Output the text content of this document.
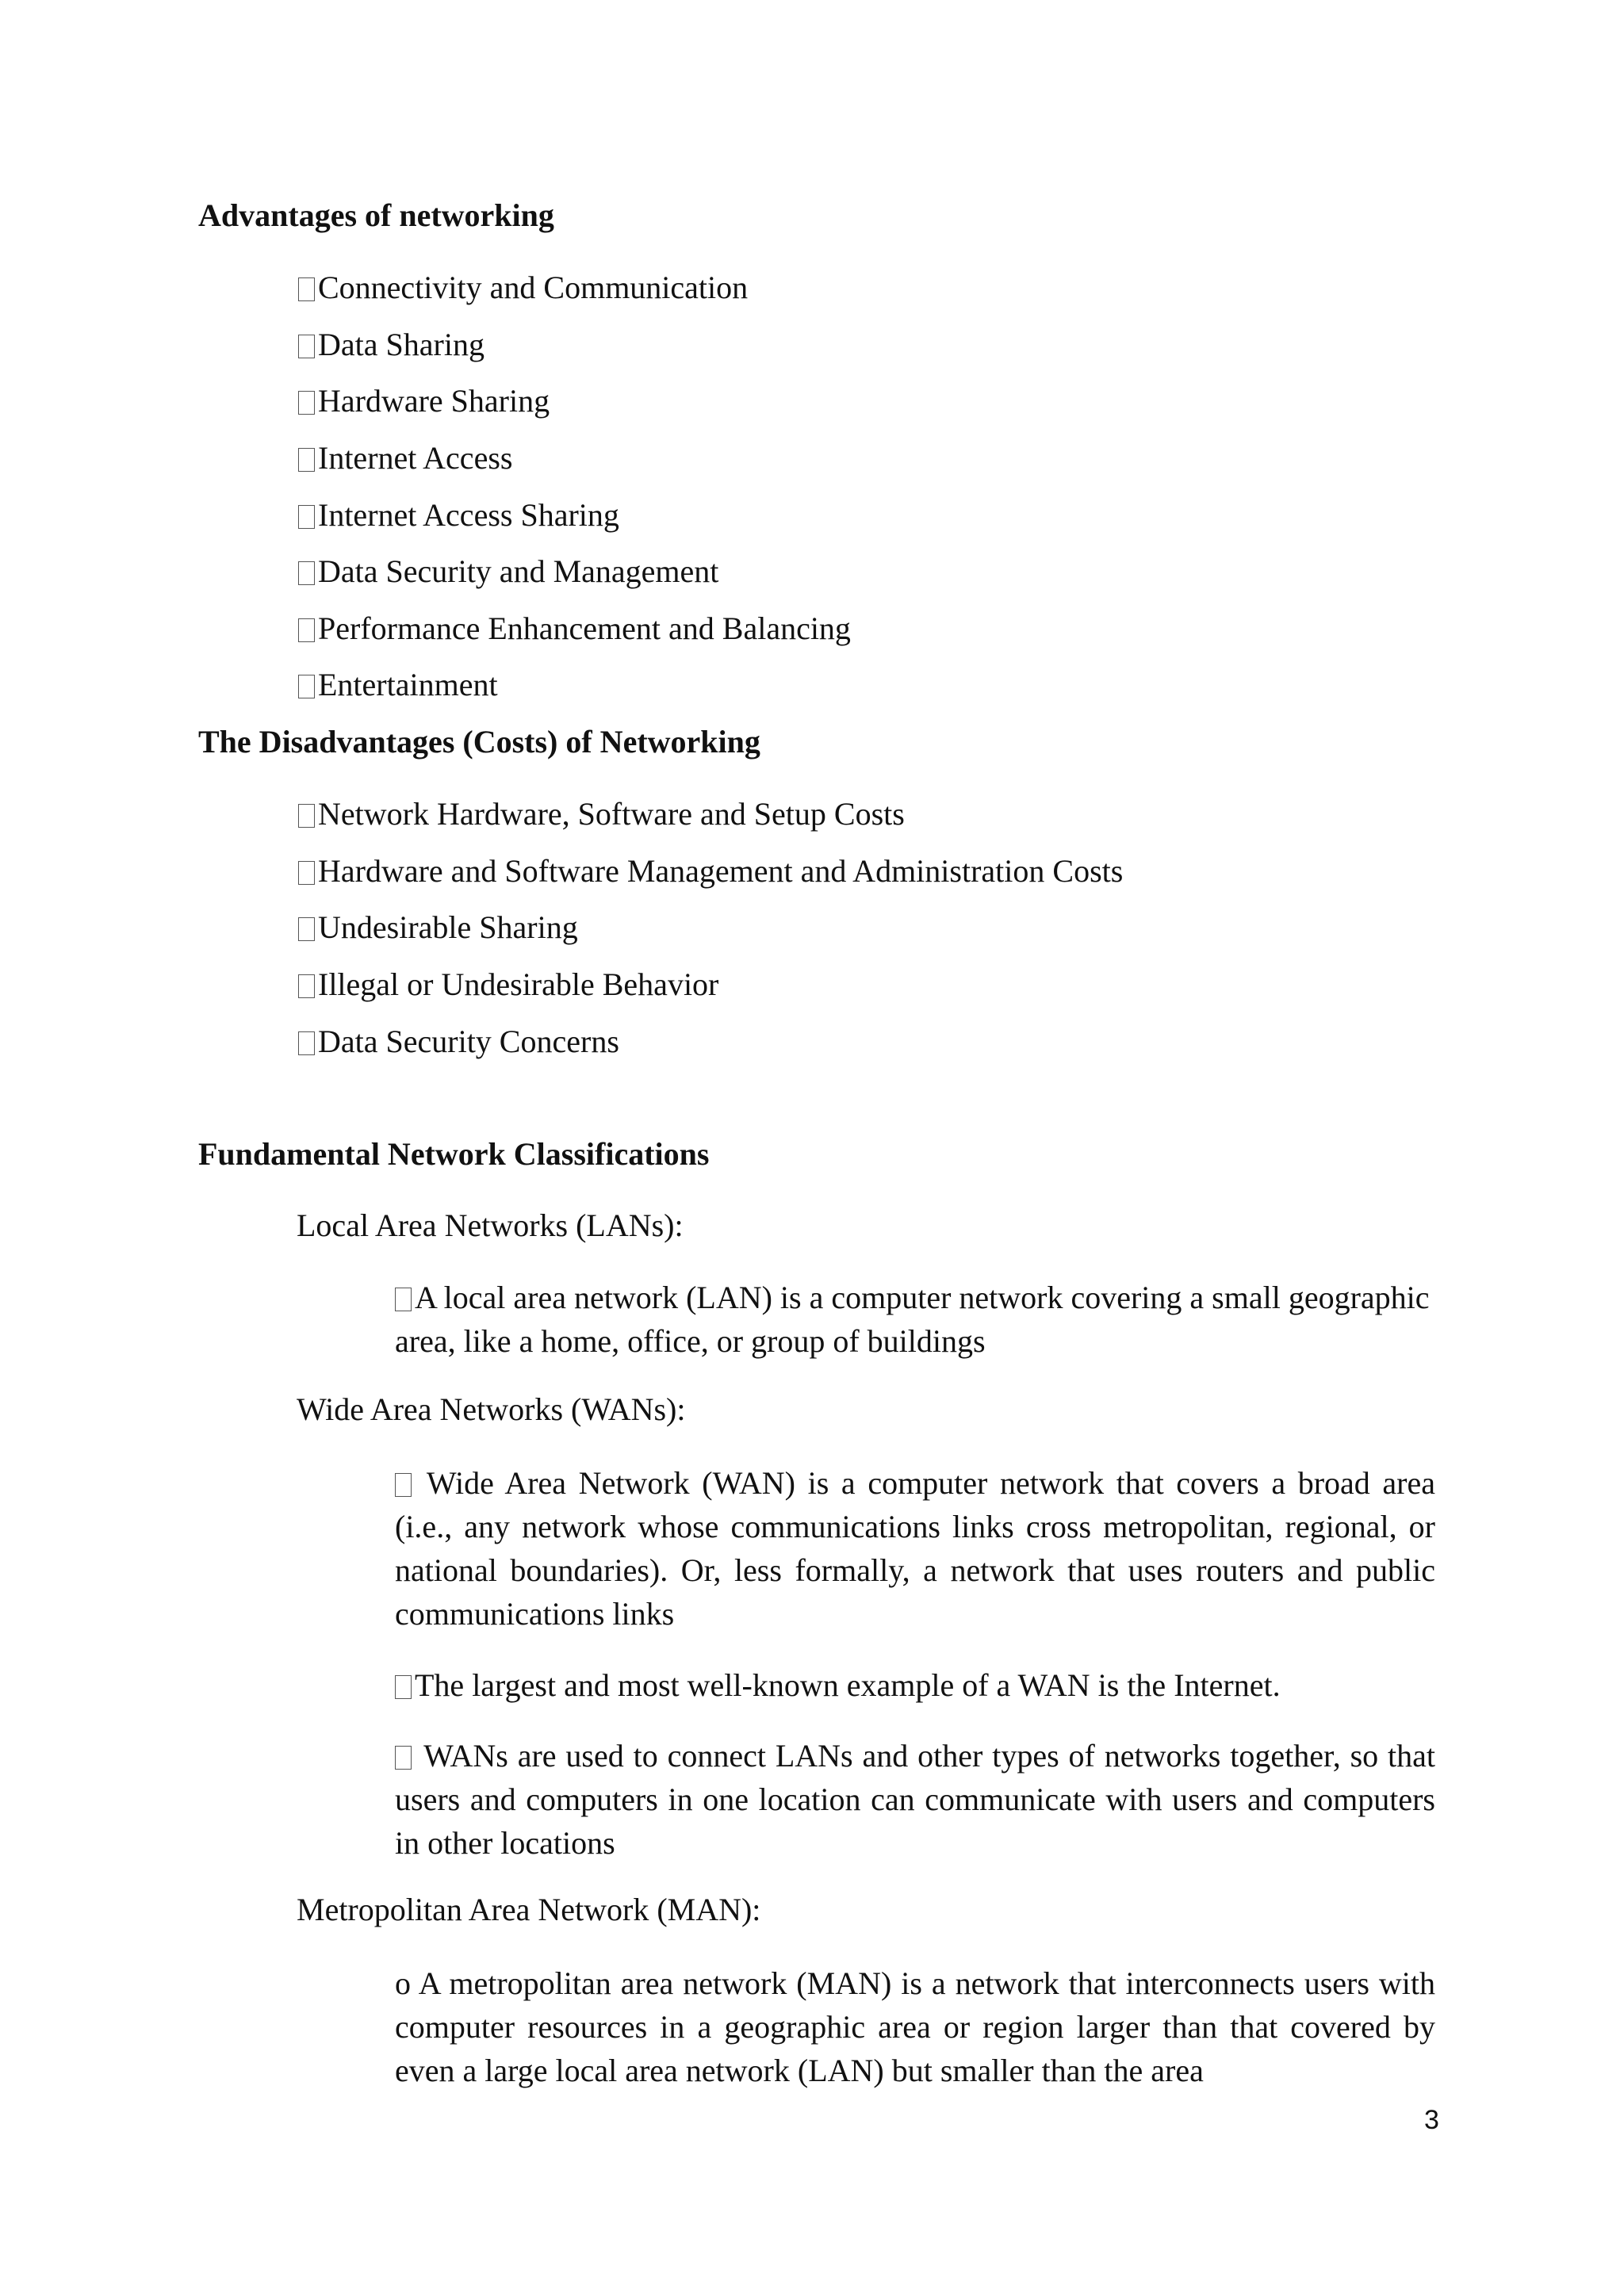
Advantages of networking
Connectivity and Communication
Data Sharing
Hardware Sharing
Internet Access
Internet Access Sharing
Data Security and Management
Performance Enhancement and Balancing
Entertainment
The Disadvantages (Costs) of Networking
Network Hardware, Software and Setup Costs
Hardware and Software Management and Administration Costs
Undesirable Sharing
Illegal or Undesirable Behavior
Data Security Concerns
Fundamental Network Classifications
Local Area Networks (LANs):
A local area network (LAN) is a computer network covering a small geographic area, like a home, office, or group of buildings
Wide Area Networks (WANs):
Wide Area Network (WAN) is a computer network that covers a broad area (i.e., any network whose communications links cross metropolitan, regional, or national boundaries). Or, less formally, a network that uses routers and public communications links
The largest and most well-known example of a WAN is the Internet.
WANs are used to connect LANs and other types of networks together, so that users and computers in one location can communicate with users and computers in other locations
Metropolitan Area Network (MAN):
o A metropolitan area network (MAN) is a network that interconnects users with computer resources in a geographic area or region larger than that covered by even a large local area network (LAN) but smaller than the area
3
